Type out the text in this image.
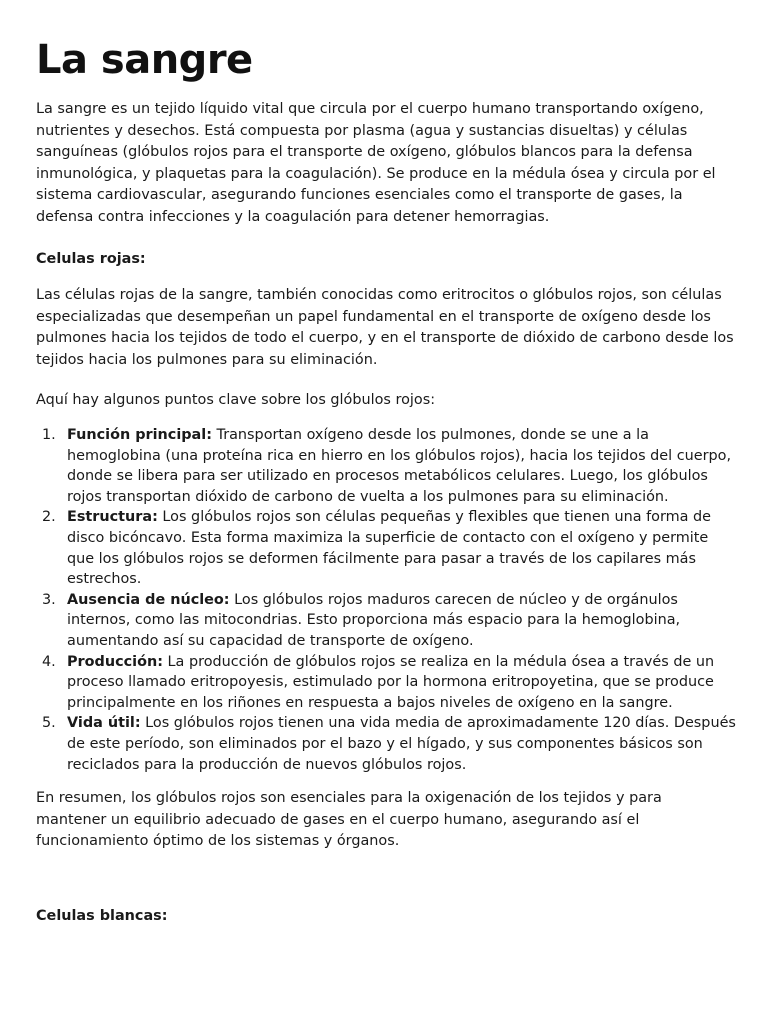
La sangre

La sangre es un tejido líquido vital que circula por el cuerpo humano transportando oxígeno, nutrientes y desechos. Está compuesta por plasma (agua y sustancias disueltas) y células sanguíneas (glóbulos rojos para el transporte de oxígeno, glóbulos blancos para la defensa inmunológica, y plaquetas para la coagulación). Se produce en la médula ósea y circula por el sistema cardiovascular, asegurando funciones esenciales como el transporte de gases, la defensa contra infecciones y la coagulación para detener hemorragias.

Celulas rojas:

Las células rojas de la sangre, también conocidas como eritrocitos o glóbulos rojos, son células especializadas que desempeñan un papel fundamental en el transporte de oxígeno desde los pulmones hacia los tejidos de todo el cuerpo, y en el transporte de dióxido de carbono desde los tejidos hacia los pulmones para su eliminación.

Aquí hay algunos puntos clave sobre los glóbulos rojos:

1. Función principal: Transportan oxígeno desde los pulmones, donde se une a la hemoglobina (una proteína rica en hierro en los glóbulos rojos), hacia los tejidos del cuerpo, donde se libera para ser utilizado en procesos metabólicos celulares. Luego, los glóbulos rojos transportan dióxido de carbono de vuelta a los pulmones para su eliminación.
2. Estructura: Los glóbulos rojos son células pequeñas y flexibles que tienen una forma de disco bicóncavo. Esta forma maximiza la superficie de contacto con el oxígeno y permite que los glóbulos rojos se deformen fácilmente para pasar a través de los capilares más estrechos.
3. Ausencia de núcleo: Los glóbulos rojos maduros carecen de núcleo y de orgánulos internos, como las mitocondrias. Esto proporciona más espacio para la hemoglobina, aumentando así su capacidad de transporte de oxígeno.
4. Producción: La producción de glóbulos rojos se realiza en la médula ósea a través de un proceso llamado eritropoyesis, estimulado por la hormona eritropoyetina, que se produce principalmente en los riñones en respuesta a bajos niveles de oxígeno en la sangre.
5. Vida útil: Los glóbulos rojos tienen una vida media de aproximadamente 120 días. Después de este período, son eliminados por el bazo y el hígado, y sus componentes básicos son reciclados para la producción de nuevos glóbulos rojos.

En resumen, los glóbulos rojos son esenciales para la oxigenación de los tejidos y para mantener un equilibrio adecuado de gases en el cuerpo humano, asegurando así el funcionamiento óptimo de los sistemas y órganos.

Celulas blancas:
